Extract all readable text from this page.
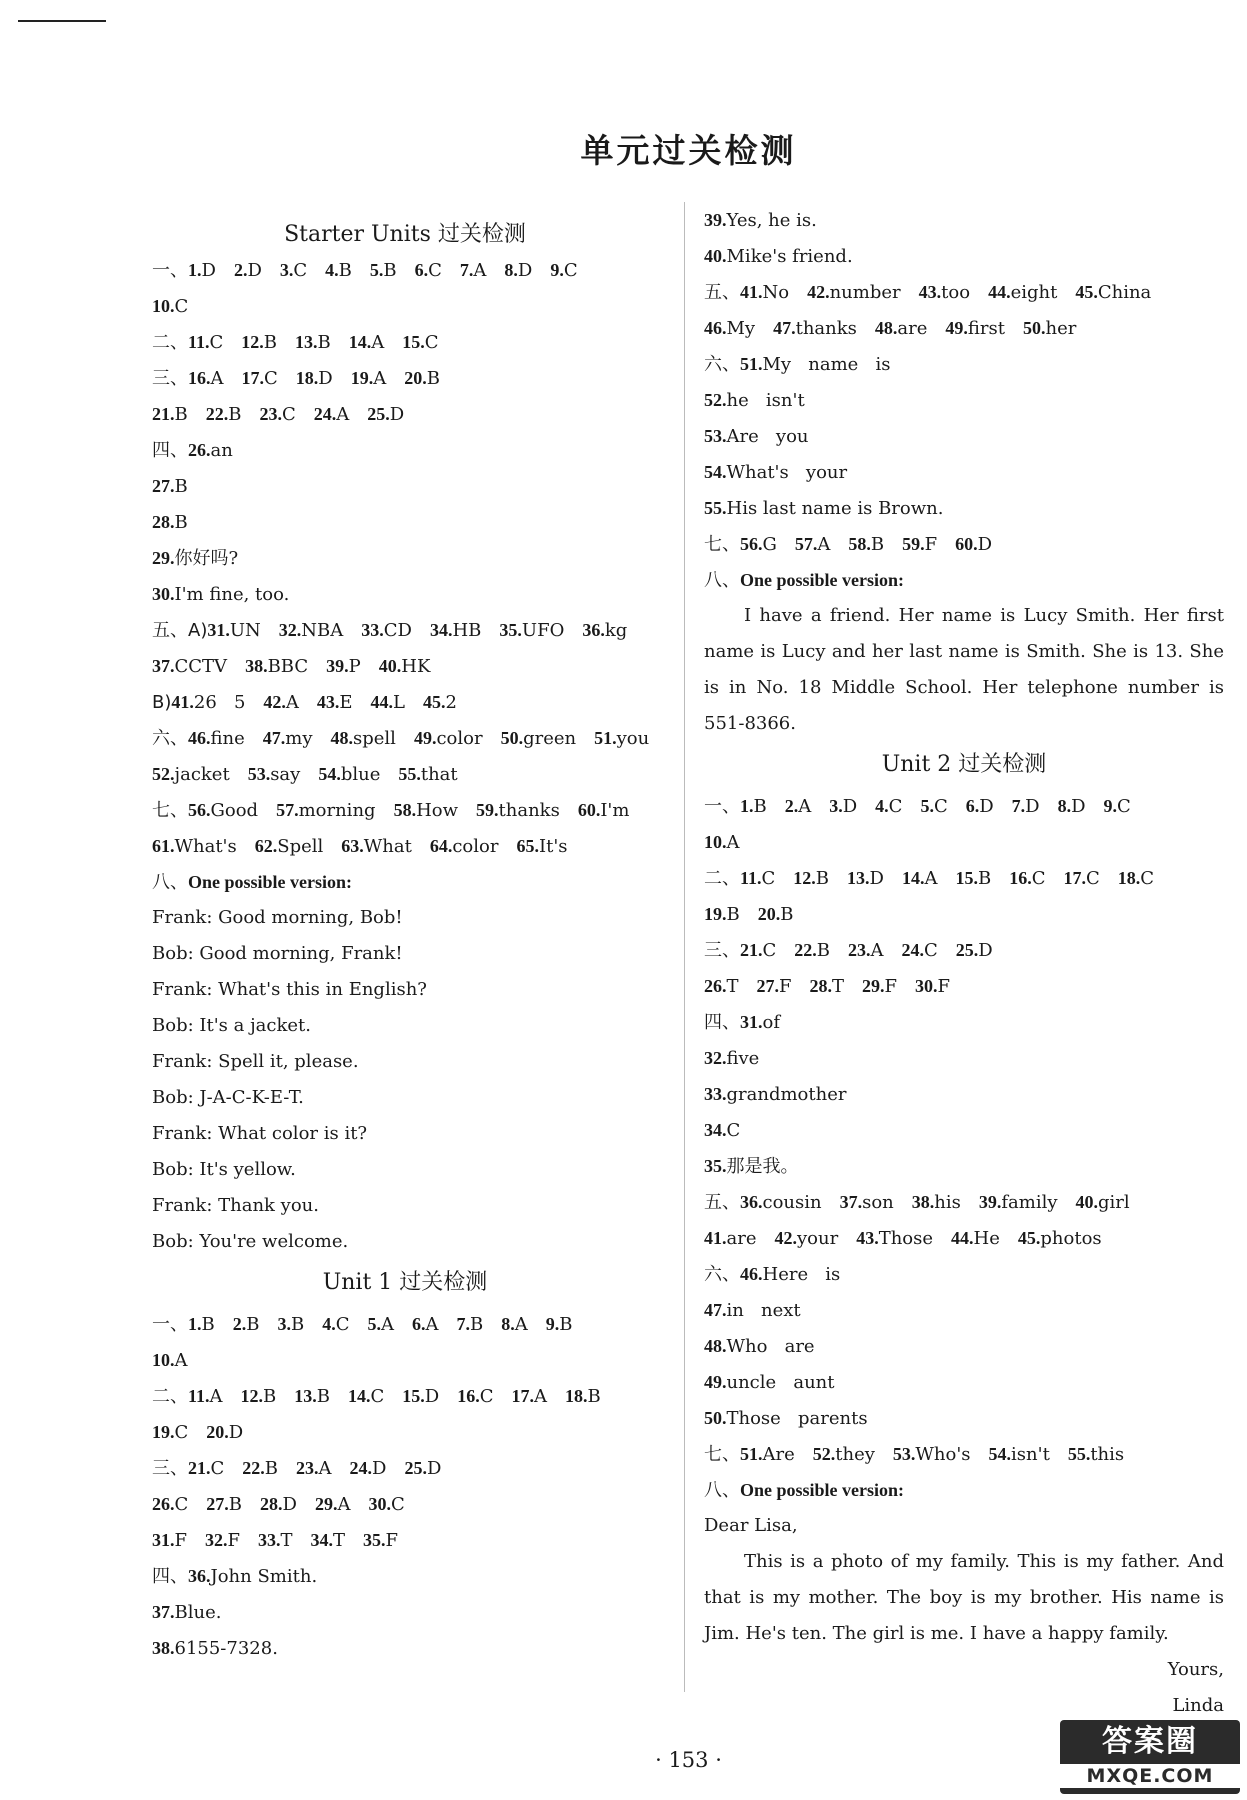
单元过关检测
Starter Units 过关检测
一、1.D 2.D 3.C 4.B 5.B 6.C 7.A 8.D 9.C
10.C
二、11.C 12.B 13.B 14.A 15.C
三、16.A 17.C 18.D 19.A 20.B
21.B 22.B 23.C 24.A 25.D
四、26.an
27.B
28.B
29.你好吗?
30.I'm fine, too.
五、A)31.UN 32.NBA 33.CD 34.HB 35.UFO 36.kg
37.CCTV 38.BBC 39.P 40.HK
B)41.26   5 42.A 43.E 44.L 45.2
六、46.fine 47.my 48.spell 49.color 50.green 51.you
52.jacket 53.say 54.blue 55.that
七、56.Good 57.morning 58.How 59.thanks 60.I'm
61.What's 62.Spell 63.What 64.color 65.It's
八、One possible version:
Frank: Good morning, Bob!
Bob: Good morning, Frank!
Frank: What's this in English?
Bob: It's a jacket.
Frank: Spell it, please.
Bob: J-A-C-K-E-T.
Frank: What color is it?
Bob: It's yellow.
Frank: Thank you.
Bob: You're welcome.
Unit 1 过关检测
一、1.B 2.B 3.B 4.C 5.A 6.A 7.B 8.A 9.B
10.A
二、11.A 12.B 13.B 14.C 15.D 16.C 17.A 18.B
19.C 20.D
三、21.C 22.B 23.A 24.D 25.D
26.C 27.B 28.D 29.A 30.C
31.F 32.F 33.T 34.T 35.F
四、36.John Smith.
37.Blue.
38.6155-7328.
39.Yes, he is.
40.Mike's friend.
五、41.No 42.number 43.too 44.eight 45.China
46.My 47.thanks 48.are 49.first 50.her
六、51.My   name   is
52.he   isn't
53.Are   you
54.What's   your
55.His last name is Brown.
七、56.G 57.A 58.B 59.F 60.D
八、One possible version:
I have a friend. Her name is Lucy Smith. Her first name is Lucy and her last name is Smith. She is 13. She is in No. 18 Middle School. Her telephone number is 551-8366.
Unit 2 过关检测
一、1.B 2.A 3.D 4.C 5.C 6.D 7.D 8.D 9.C
10.A
二、11.C 12.B 13.D 14.A 15.B 16.C 17.C 18.C
19.B 20.B
三、21.C 22.B 23.A 24.C 25.D
26.T 27.F 28.T 29.F 30.F
四、31.of
32.five
33.grandmother
34.C
35.那是我。
五、36.cousin 37.son 38.his 39.family 40.girl
41.are 42.your 43.Those 44.He 45.photos
六、46.Here   is
47.in   next
48.Who   are
49.uncle   aunt
50.Those   parents
七、51.Are 52.they 53.Who's 54.isn't 55.this
八、One possible version:
Dear Lisa,
This is a photo of my family. This is my father. And that is my mother. The boy is my brother. His name is Jim. He's ten. The girl is me. I have a happy family.
Yours,
Linda
· 153 ·
答案圈
MXQE.COM
